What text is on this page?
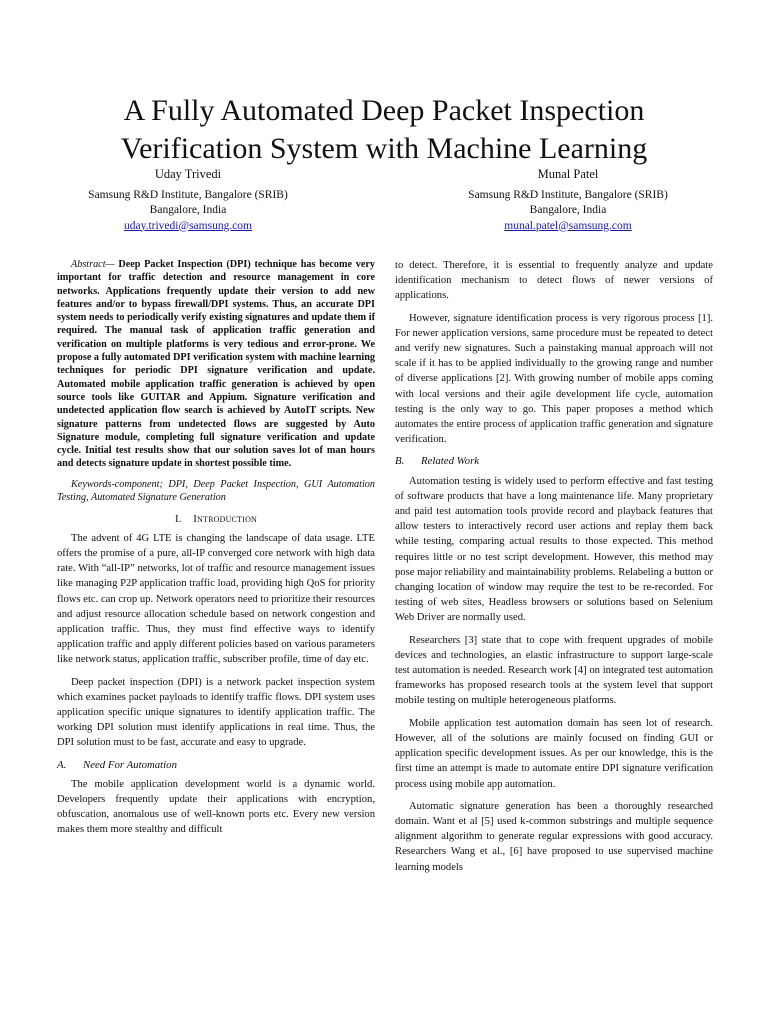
A Fully Automated Deep Packet Inspection Verification System with Machine Learning
Uday Trivedi
Samsung R&D Institute, Bangalore (SRIB)
Bangalore, India
uday.trivedi@samsung.com
Munal Patel
Samsung R&D Institute, Bangalore (SRIB)
Bangalore, India
munal.patel@samsung.com

Abstract— Deep Packet Inspection (DPI) technique has become very important for traffic detection and resource management in core networks. Applications frequently update their version to add new features and/or to bypass firewall/DPI systems. Thus, an accurate DPI system needs to periodically verify existing signatures and update them if required. The manual task of application traffic generation and verification on multiple platforms is very tedious and error-prone. We propose a fully automated DPI verification system with machine learning techniques for periodic DPI signature verification and update. Automated mobile application traffic generation is achieved by open source tools like GUITAR and Appium. Signature verification and undetected application flow search is achieved by AutoIT scripts. New signature patterns from undetected flows are suggested by Auto Signature module, completing full signature verification and update cycle. Initial test results show that our solution saves lot of man hours and detects signature update in shortest possible time.

Keywords-component; DPI, Deep Packet Inspection, GUI Automation Testing, Automated Signature Generation

I. Introduction

The advent of 4G LTE is changing the landscape of data usage. LTE offers the promise of a pure, all-IP converged core network with high data rate. With “all-IP” networks, lot of traffic and resource management issues like managing P2P application traffic load, providing high QoS for priority flows etc. can crop up. Network operators need to prioritize their resources and adjust resource allocation schedule based on network congestion and application traffic. Thus, they must find effective ways to identify application traffic and apply different policies based on various parameters like network status, application traffic, subscriber profile, time of day etc.

Deep packet inspection (DPI) is a network packet inspection system which examines packet payloads to identify traffic flows. DPI system uses application specific unique signatures to identify application traffic. The working DPI solution must identify applications in real time. Thus, the DPI solution must to be fast, accurate and easy to upgrade.

A. Need For Automation

The mobile application development world is a dynamic world. Developers frequently update their applications with encryption, obfuscation, anomalous use of well-known ports etc. Every new version makes them more stealthy and difficult

to detect. Therefore, it is essential to frequently analyze and update identification mechanism to detect flows of newer versions of applications.

However, signature identification process is very rigorous process [1]. For newer application versions, same procedure must be repeated to detect and verify new signatures. Such a painstaking manual approach will not scale if it has to be applied individually to the growing range and number of diverse applications [2]. With growing number of mobile apps coming with local versions and their agile development life cycle, automation testing is the only way to go. This paper proposes a method which automates the entire process of application traffic generation and signature verification.

B. Related Work

Automation testing is widely used to perform effective and fast testing of software products that have a long maintenance life. Many proprietary and paid test automation tools provide record and playback features that allow testers to interactively record user actions and replay them back while testing, comparing actual results to those expected. This method requires little or no test script development. However, this method may pose major reliability and maintainability problems. Relabeling a button or changing location of window may require the test to be re-recorded. For testing of web sites, Headless browsers or solutions based on Selenium Web Driver are normally used.

Researchers [3] state that to cope with frequent upgrades of mobile devices and technologies, an elastic infrastructure to support large-scale test automation is needed. Research work [4] on integrated test automation frameworks has proposed research tools at the system level that support mobile testing on multiple heterogeneous platforms.

Mobile application test automation domain has seen lot of research. However, all of the solutions are mainly focused on finding GUI or application specific development issues. As per our knowledge, this is the first time an attempt is made to automate entire DPI signature verification process using mobile app automation.

Automatic signature generation has been a thoroughly researched domain. Want et al [5] used k-common substrings and multiple sequence alignment algorithm to generate regular expressions with good accuracy. Researchers Wang et al., [6] have proposed to use supervised machine learning models
